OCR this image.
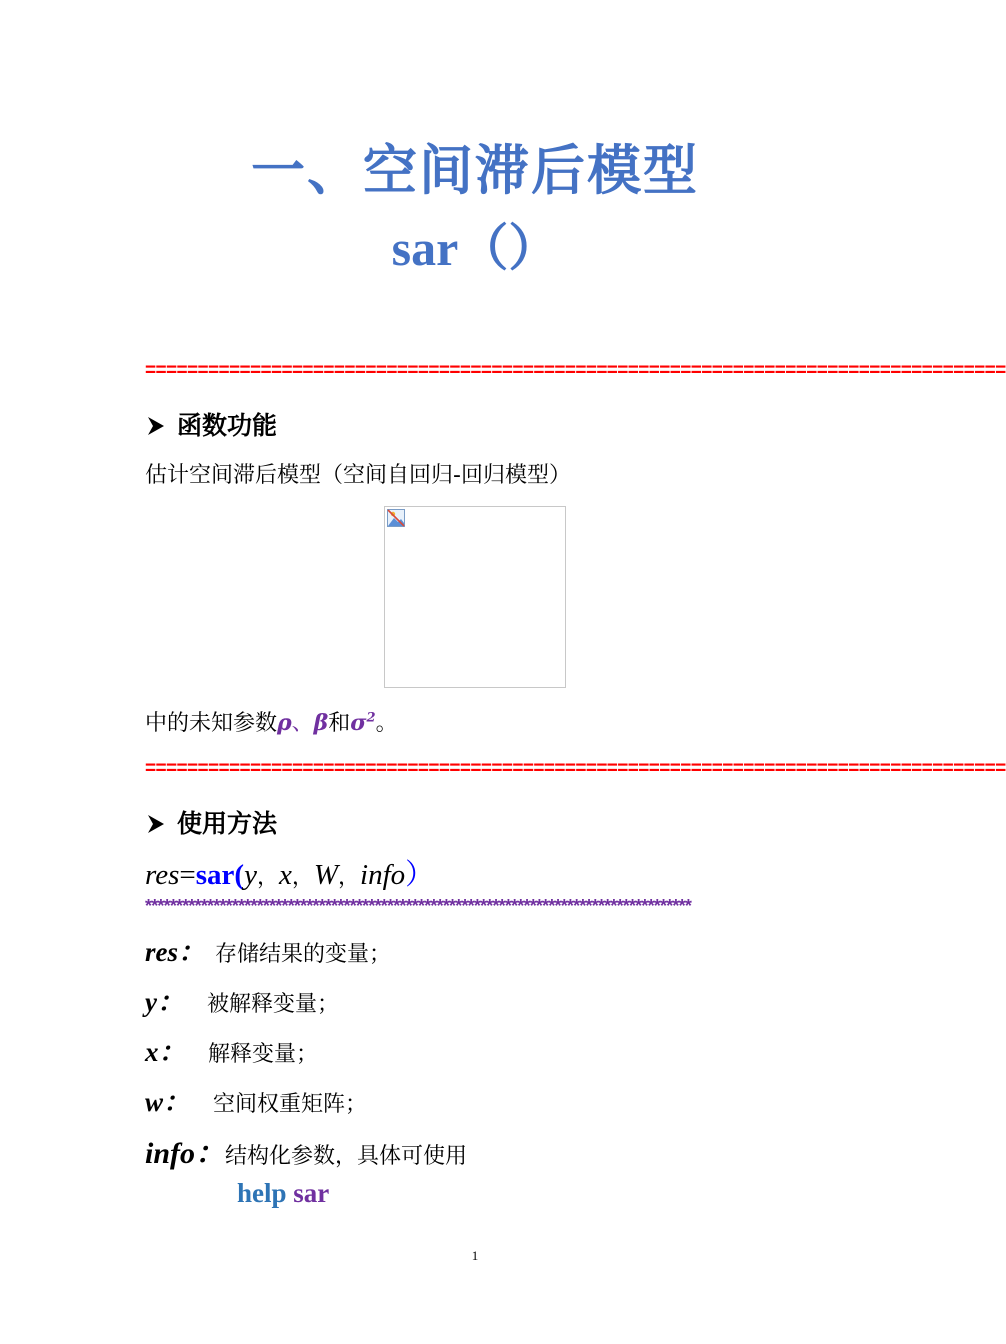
一、空间滞后模型
sar（）
==================================================================================
函数功能
估计空间滞后模型（空间自回归-回归模型）
中的未知参数ρ、β和$\sigma^2$。
==================================================================================
使用方法
res=sar(y，x，W，info）
****************************************************************************************
res： 存储结果的变量；
y： 被解释变量；
x： 解释变量；
w： 空间权重矩阵；
info：结构化参数，具体可使用
help sar
1
